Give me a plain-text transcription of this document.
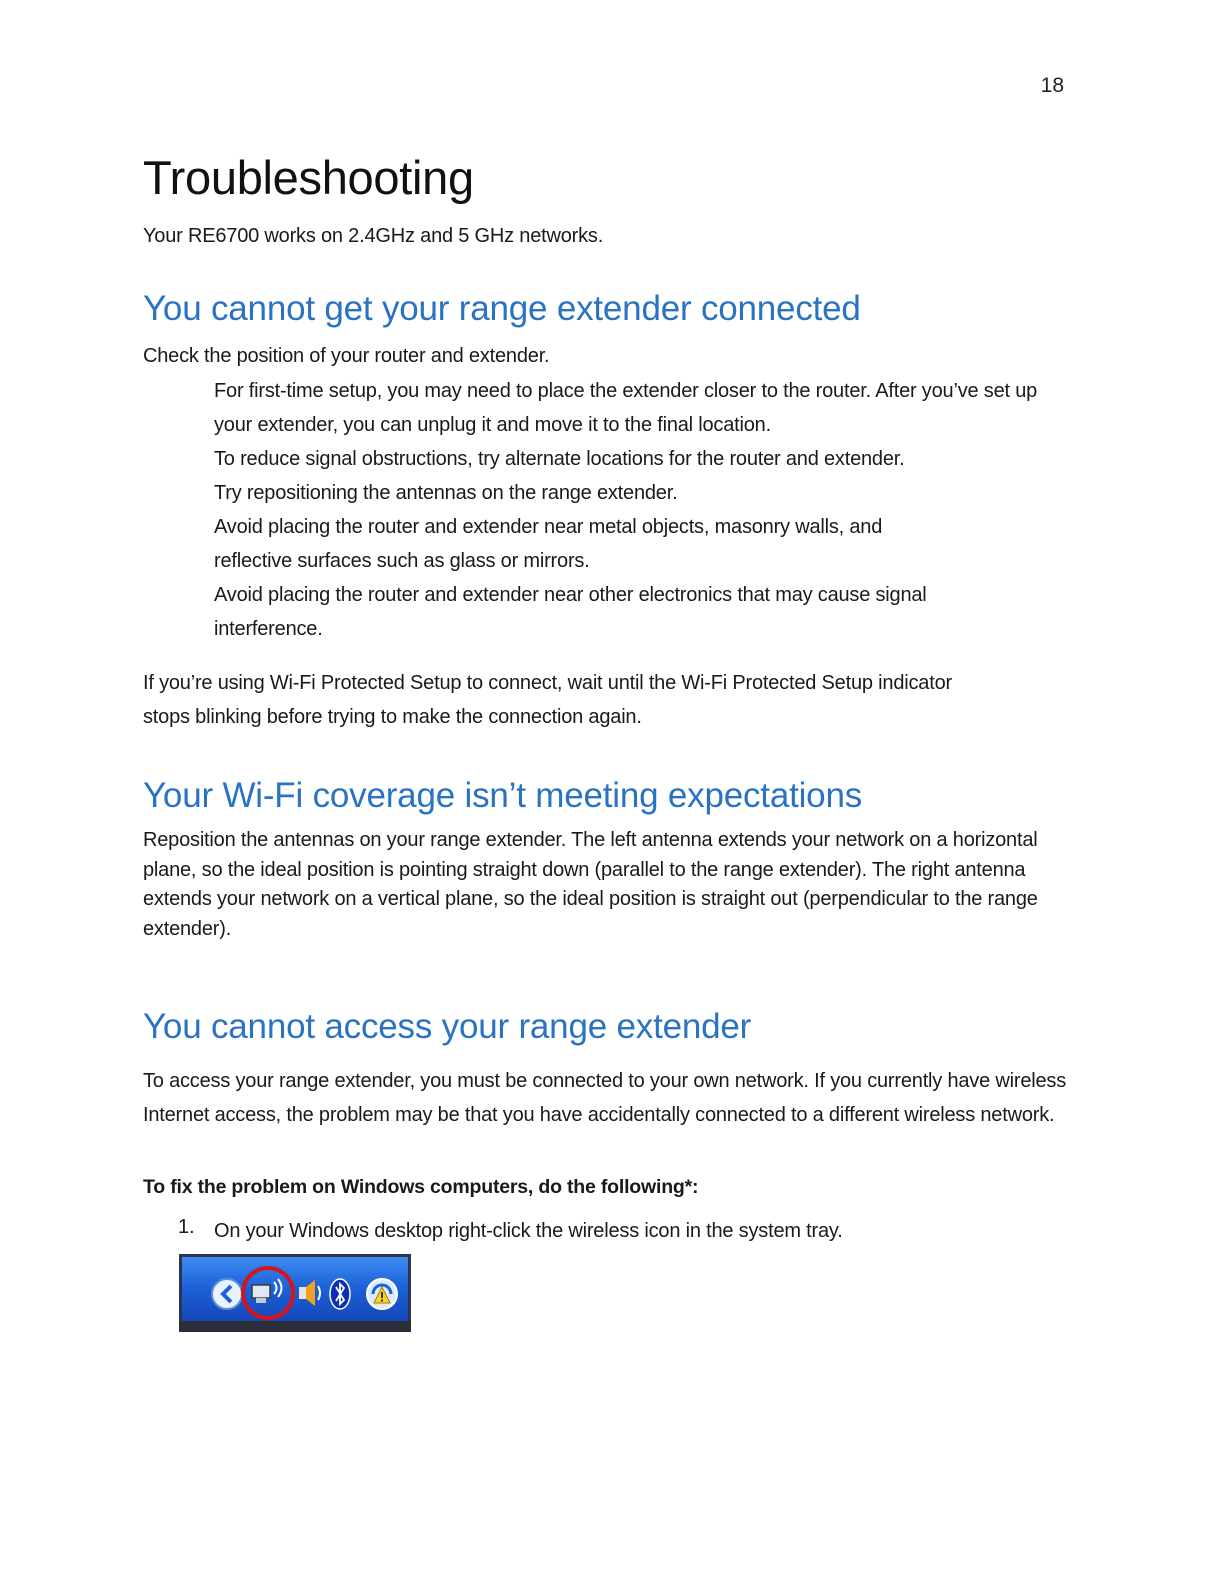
18
Troubleshooting
Your RE6700 works on 2.4GHz and 5 GHz networks.
You cannot get your range extender connected
Check the position of your router and extender.
For first-time setup, you may need to place the extender closer to the router. After you’ve set up your extender, you can unplug it and move it to the final location.
To reduce signal obstructions, try alternate locations for the router and extender.
Try repositioning the antennas on the range extender.
Avoid placing the router and extender near metal objects, masonry walls, and reflective surfaces such as glass or mirrors.
Avoid placing the router and extender near other electronics that may cause signal interference.
If you’re using Wi-Fi Protected Setup to connect, wait until the Wi-Fi Protected Setup indicator stops blinking before trying to make the connection again.
Your Wi-Fi coverage isn’t meeting expectations
Reposition the antennas on your range extender. The left antenna extends your network on a horizontal plane, so the ideal position is pointing straight down (parallel to the range extender). The right antenna extends your network on a vertical plane, so the ideal position is straight out (perpendicular to the range extender).
You cannot access your range extender
To access your range extender, you must be connected to your own network. If you currently have wireless Internet access, the problem may be that you have accidentally connected to a different wireless network.
To fix the problem on Windows computers, do the following*:
1. On your Windows desktop right-click the wireless icon in the system tray.
